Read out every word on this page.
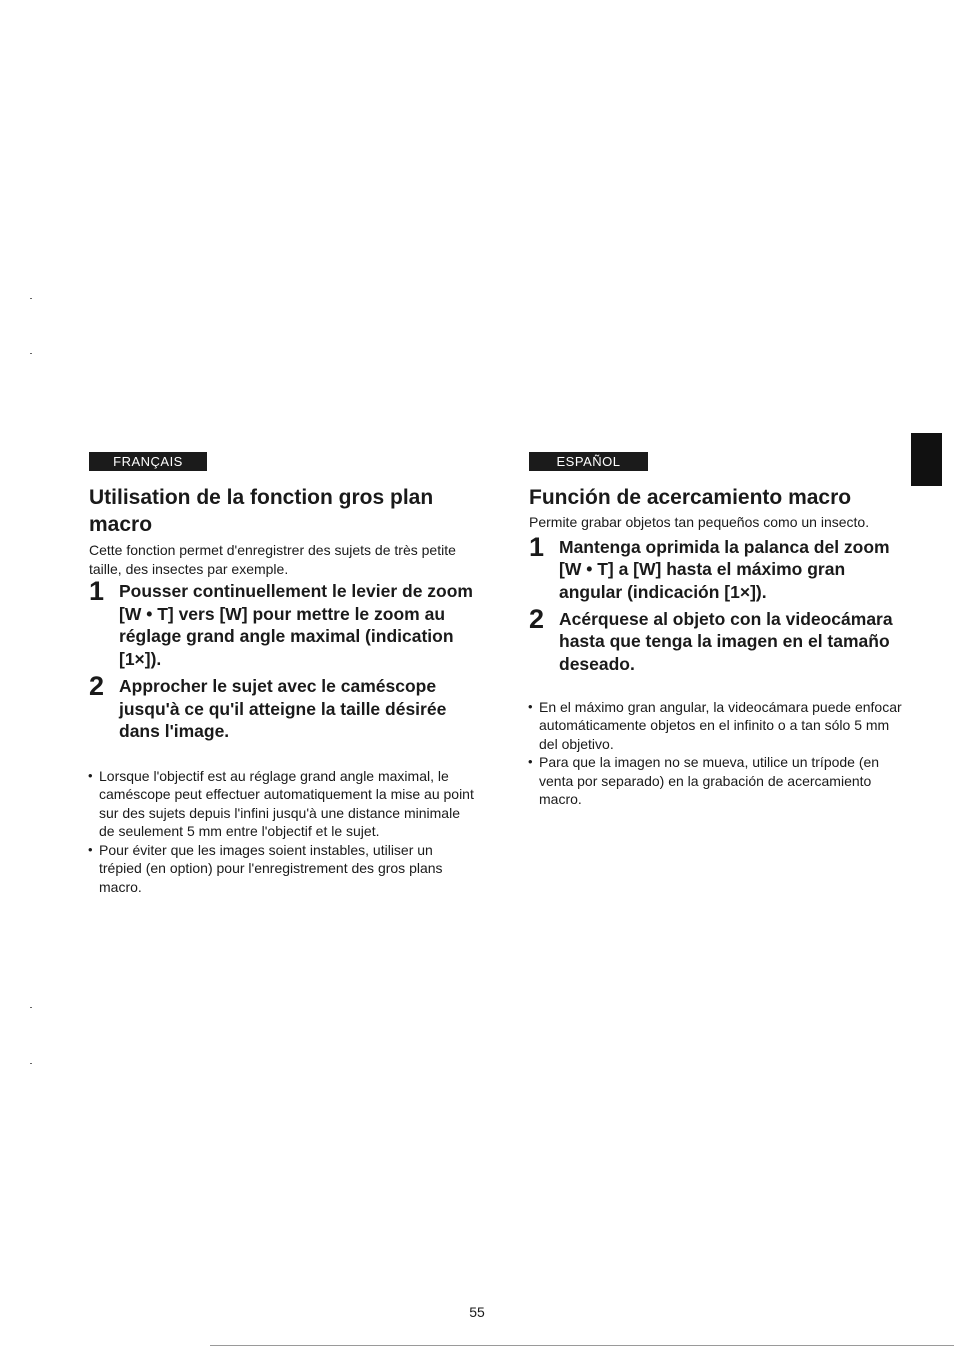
FRANÇAIS
Utilisation de la fonction gros plan macro

Cette fonction permet d'enregistrer des sujets de très petite taille, des insectes par exemple.

1 Pousser continuellement le levier de zoom [W • T] vers [W] pour mettre le zoom au réglage grand angle maximal (indication [1×]).
2 Approcher le sujet avec le caméscope jusqu'à ce qu'il atteigne la taille désirée dans l'image.
• Lorsque l'objectif est au réglage grand angle maximal, le caméscope peut effectuer automatiquement la mise au point sur des sujets depuis l'infini jusqu'à une distance minimale de seulement 5 mm entre l'objectif et le sujet.
• Pour éviter que les images soient instables, utiliser un trépied (en option) pour l'enregistrement des gros plans macro.
ESPAÑOL
Función de acercamiento macro

Permite grabar objetos tan pequeños como un insecto.

1 Mantenga oprimida la palanca del zoom [W • T] a [W] hasta el máximo gran angular (indicación [1×]).
2 Acérquese al objeto con la videocámara hasta que tenga la imagen en el tamaño deseado.
• En el máximo gran angular, la videocámara puede enfocar automáticamente objetos en el infinito o a tan sólo 5 mm del objetivo.
• Para que la imagen no se mueva, utilice un trípode (en venta por separado) en la grabación de acercamiento macro.
55
